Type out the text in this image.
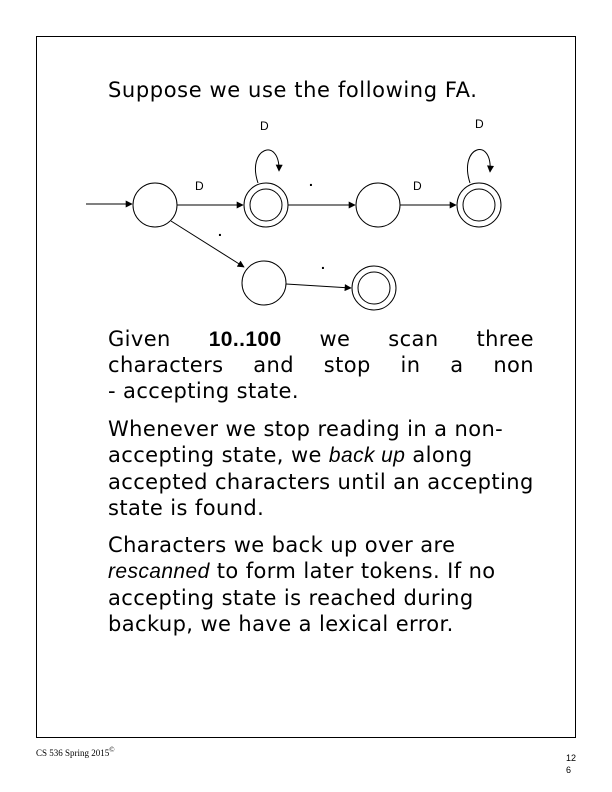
Suppose we use the following FA.
D	D
D	.	D
.
.
Given 10..100 we scan three
characters and stop in a non
- accepting state.
Whenever we stop reading in a non- accepting state, we back up along accepted characters until an accepting state is found.
Characters we back up over are rescanned to form later tokens. If no accepting state is reached during backup, we have a lexical error.
CS 536 Spring 2015©
12
6
